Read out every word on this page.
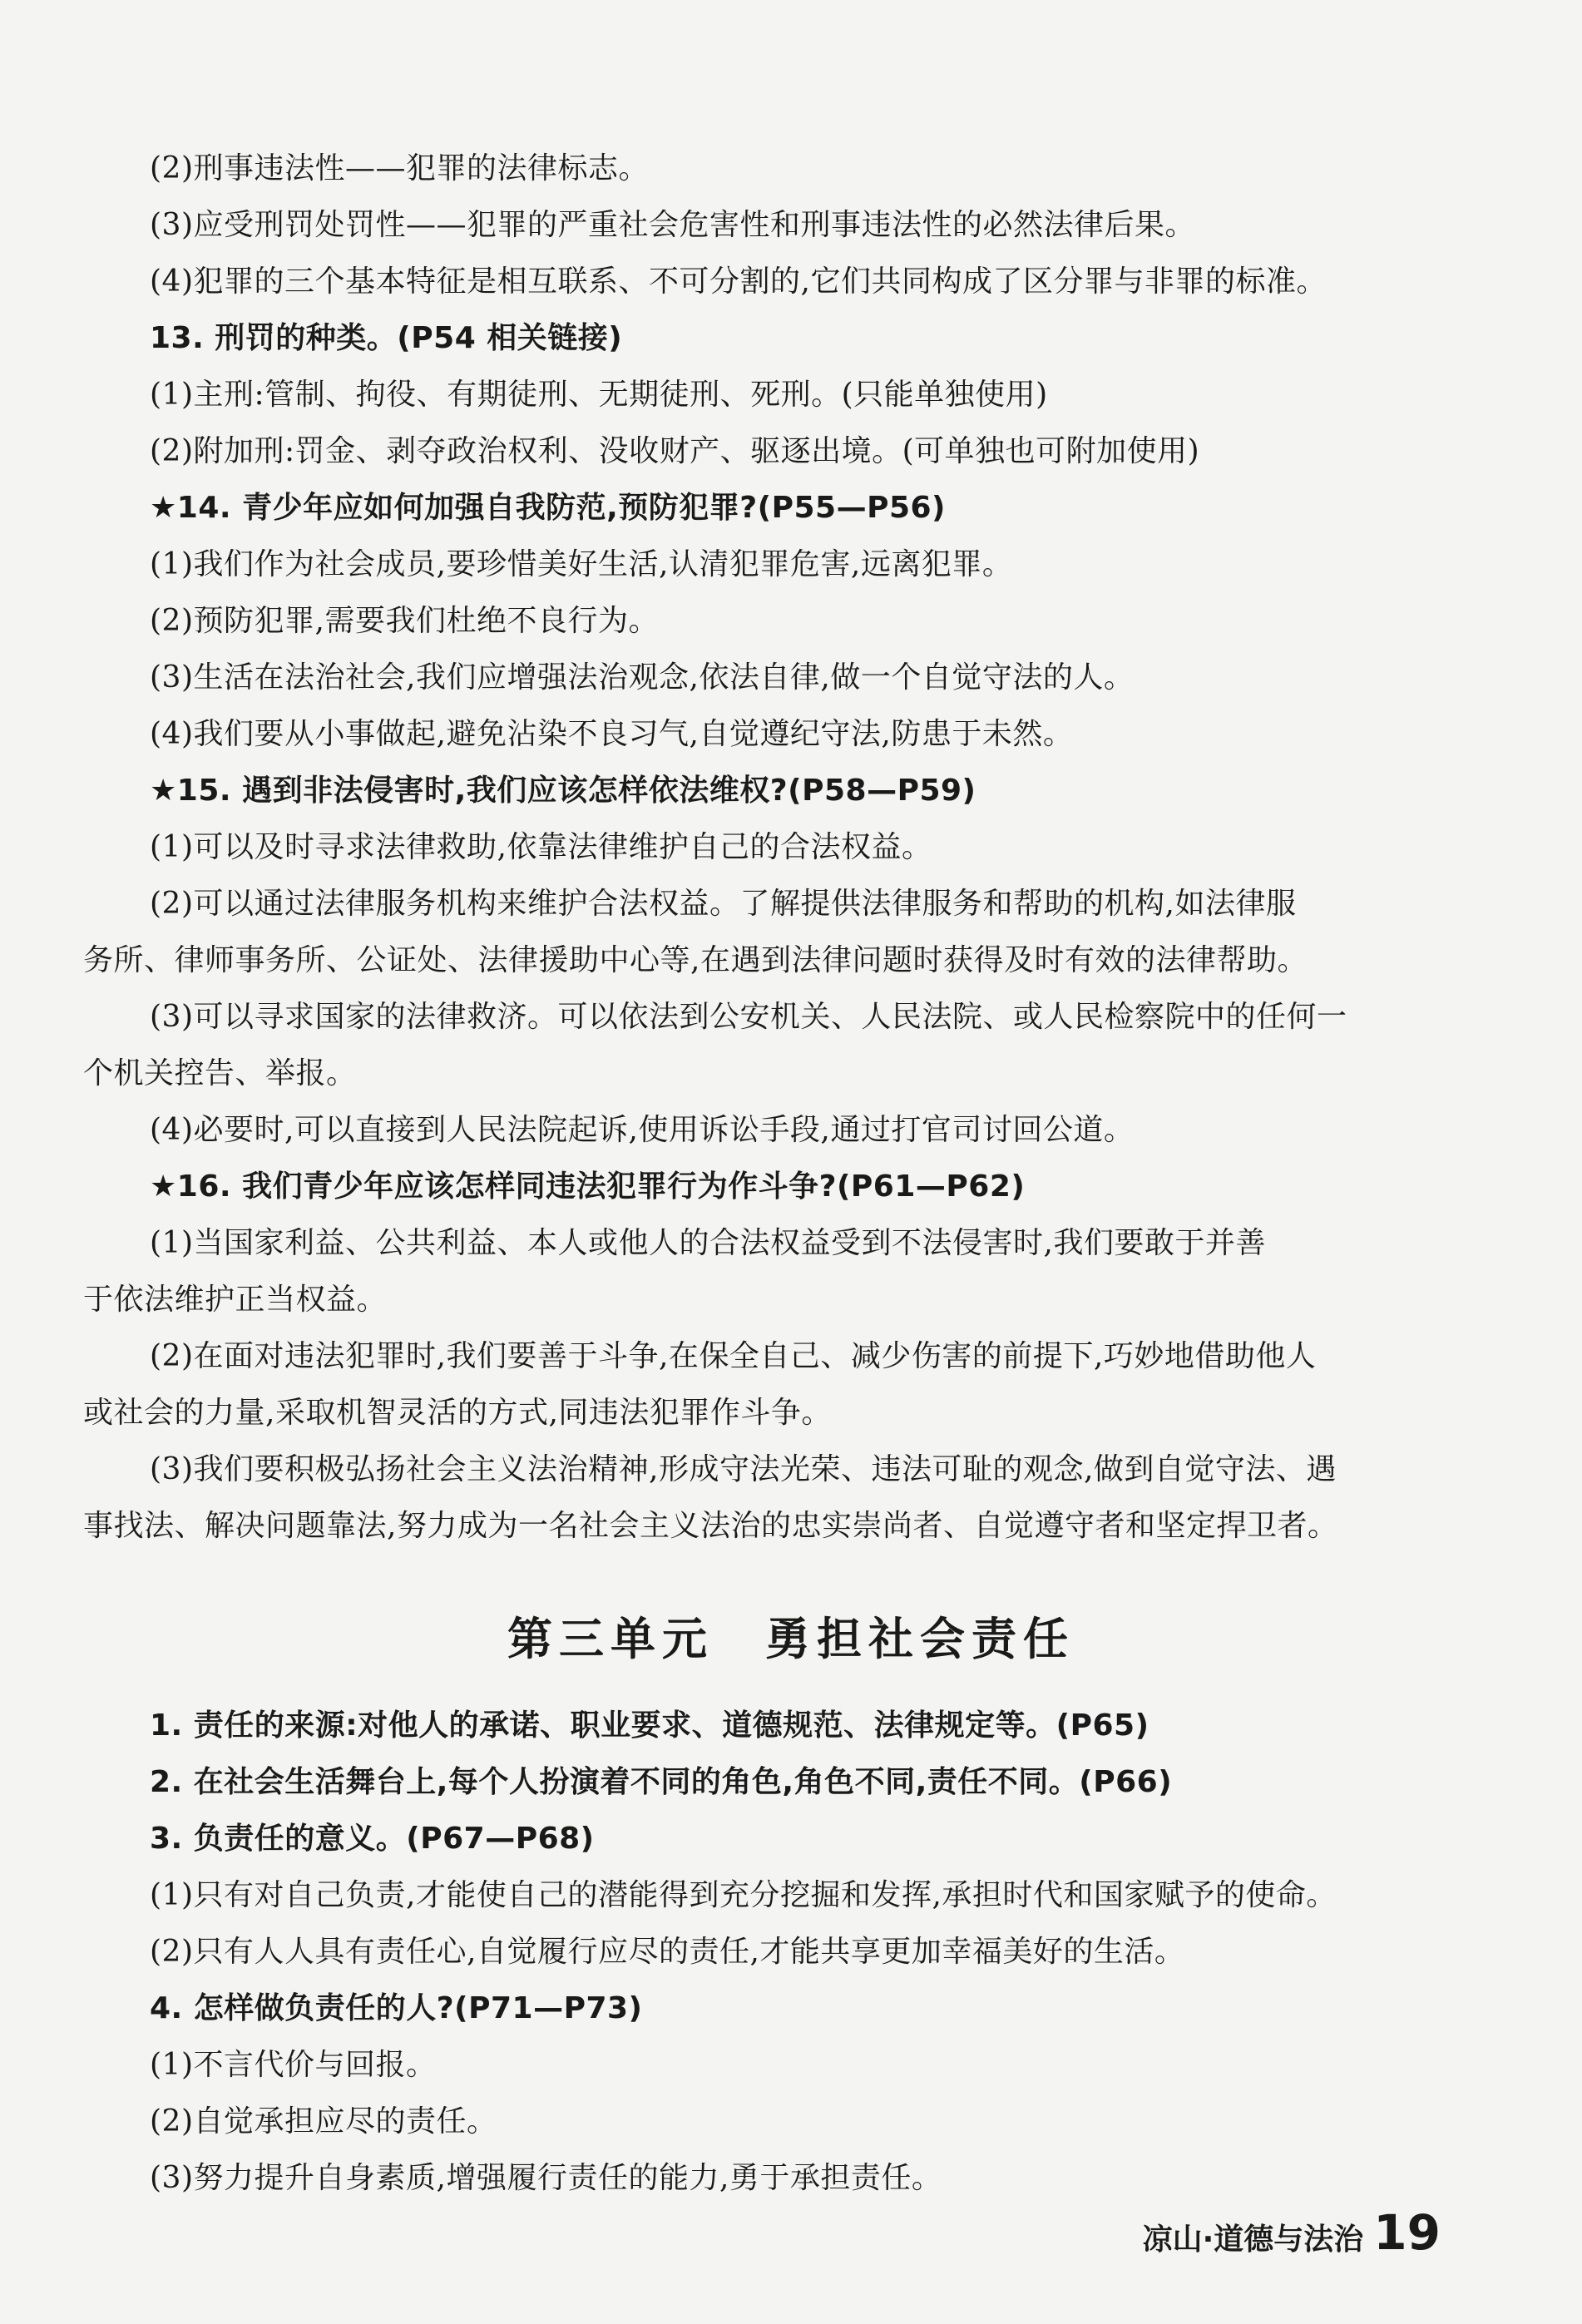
(2)刑事违法性——犯罪的法律标志。
(3)应受刑罚处罚性——犯罪的严重社会危害性和刑事违法性的必然法律后果。
(4)犯罪的三个基本特征是相互联系、不可分割的,它们共同构成了区分罪与非罪的标准。
13. 刑罚的种类。(P54 相关链接)
(1)主刑:管制、拘役、有期徒刑、无期徒刑、死刑。(只能单独使用)
(2)附加刑:罚金、剥夺政治权利、没收财产、驱逐出境。(可单独也可附加使用)
★14. 青少年应如何加强自我防范,预防犯罪?(P55—P56)
(1)我们作为社会成员,要珍惜美好生活,认清犯罪危害,远离犯罪。
(2)预防犯罪,需要我们杜绝不良行为。
(3)生活在法治社会,我们应增强法治观念,依法自律,做一个自觉守法的人。
(4)我们要从小事做起,避免沾染不良习气,自觉遵纪守法,防患于未然。
★15. 遇到非法侵害时,我们应该怎样依法维权?(P58—P59)
(1)可以及时寻求法律救助,依靠法律维护自己的合法权益。
(2)可以通过法律服务机构来维护合法权益。了解提供法律服务和帮助的机构,如法律服
务所、律师事务所、公证处、法律援助中心等,在遇到法律问题时获得及时有效的法律帮助。
(3)可以寻求国家的法律救济。可以依法到公安机关、人民法院、或人民检察院中的任何一
个机关控告、举报。
(4)必要时,可以直接到人民法院起诉,使用诉讼手段,通过打官司讨回公道。
★16. 我们青少年应该怎样同违法犯罪行为作斗争?(P61—P62)
(1)当国家利益、公共利益、本人或他人的合法权益受到不法侵害时,我们要敢于并善
于依法维护正当权益。
(2)在面对违法犯罪时,我们要善于斗争,在保全自己、减少伤害的前提下,巧妙地借助他人
或社会的力量,采取机智灵活的方式,同违法犯罪作斗争。
(3)我们要积极弘扬社会主义法治精神,形成守法光荣、违法可耻的观念,做到自觉守法、遇
事找法、解决问题靠法,努力成为一名社会主义法治的忠实崇尚者、自觉遵守者和坚定捍卫者。
第三单元　勇担社会责任
1. 责任的来源:对他人的承诺、职业要求、道德规范、法律规定等。(P65)
2. 在社会生活舞台上,每个人扮演着不同的角色,角色不同,责任不同。(P66)
3. 负责任的意义。(P67—P68)
(1)只有对自己负责,才能使自己的潜能得到充分挖掘和发挥,承担时代和国家赋予的使命。
(2)只有人人具有责任心,自觉履行应尽的责任,才能共享更加幸福美好的生活。
4. 怎样做负责任的人?(P71—P73)
(1)不言代价与回报。
(2)自觉承担应尽的责任。
(3)努力提升自身素质,增强履行责任的能力,勇于承担责任。
凉山·道德与法治 19
